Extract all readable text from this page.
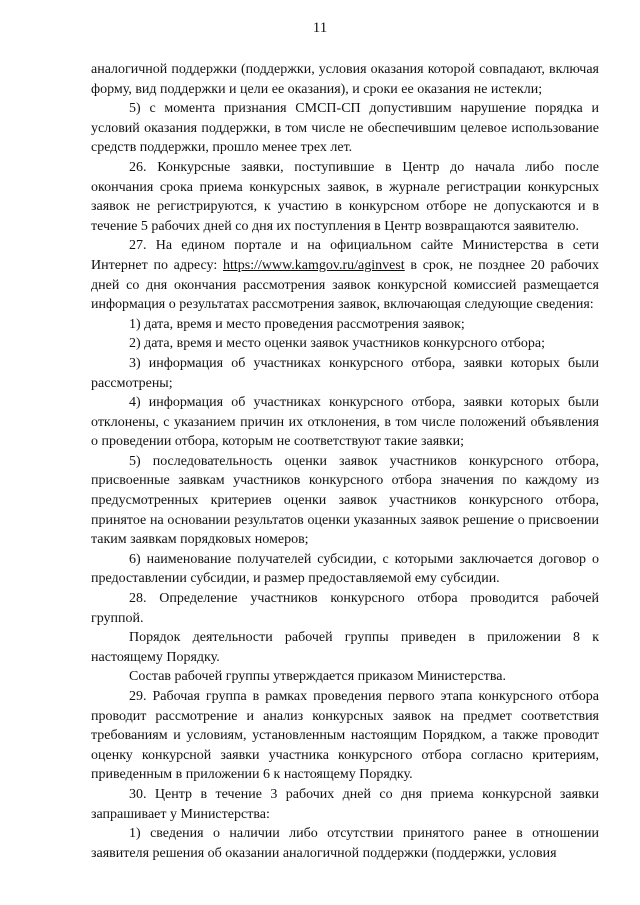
11

аналогичной поддержки (поддержки, условия оказания которой совпадают, включая форму, вид поддержки и цели ее оказания), и сроки ее оказания не истекли;

5) с момента признания СМСП-СП допустившим нарушение порядка и условий оказания поддержки, в том числе не обеспечившим целевое использование средств поддержки, прошло менее трех лет.

26. Конкурсные заявки, поступившие в Центр до начала либо после окончания срока приема конкурсных заявок, в журнале регистрации конкурсных заявок не регистрируются, к участию в конкурсном отборе не допускаются и в течение 5 рабочих дней со дня их поступления в Центр возвращаются заявителю.

27. На едином портале и на официальном сайте Министерства в сети Интернет по адресу: https://www.kamgov.ru/aginvest в срок, не позднее 20 рабочих дней со дня окончания рассмотрения заявок конкурсной комиссией размещается информация о результатах рассмотрения заявок, включающая следующие сведения:

1) дата, время и место проведения рассмотрения заявок;

2) дата, время и место оценки заявок участников конкурсного отбора;

3) информация об участниках конкурсного отбора, заявки которых были рассмотрены;

4) информация об участниках конкурсного отбора, заявки которых были отклонены, с указанием причин их отклонения, в том числе положений объявления о проведении отбора, которым не соответствуют такие заявки;

5) последовательность оценки заявок участников конкурсного отбора, присвоенные заявкам участников конкурсного отбора значения по каждому из предусмотренных критериев оценки заявок участников конкурсного отбора, принятое на основании результатов оценки указанных заявок решение о присвоении таким заявкам порядковых номеров;

6) наименование получателей субсидии, с которыми заключается договор о предоставлении субсидии, и размер предоставляемой ему субсидии.

28. Определение участников конкурсного отбора проводится рабочей группой.

Порядок деятельности рабочей группы приведен в приложении 8 к настоящему Порядку.

Состав рабочей группы утверждается приказом Министерства.

29. Рабочая группа в рамках проведения первого этапа конкурсного отбора проводит рассмотрение и анализ конкурсных заявок на предмет соответствия требованиям и условиям, установленным настоящим Порядком, а также проводит оценку конкурсной заявки участника конкурсного отбора согласно критериям, приведенным в приложении 6 к настоящему Порядку.

30. Центр в течение 3 рабочих дней со дня приема конкурсной заявки запрашивает у Министерства:

1) сведения о наличии либо отсутствии принятого ранее в отношении заявителя решения об оказании аналогичной поддержки (поддержки, условия
